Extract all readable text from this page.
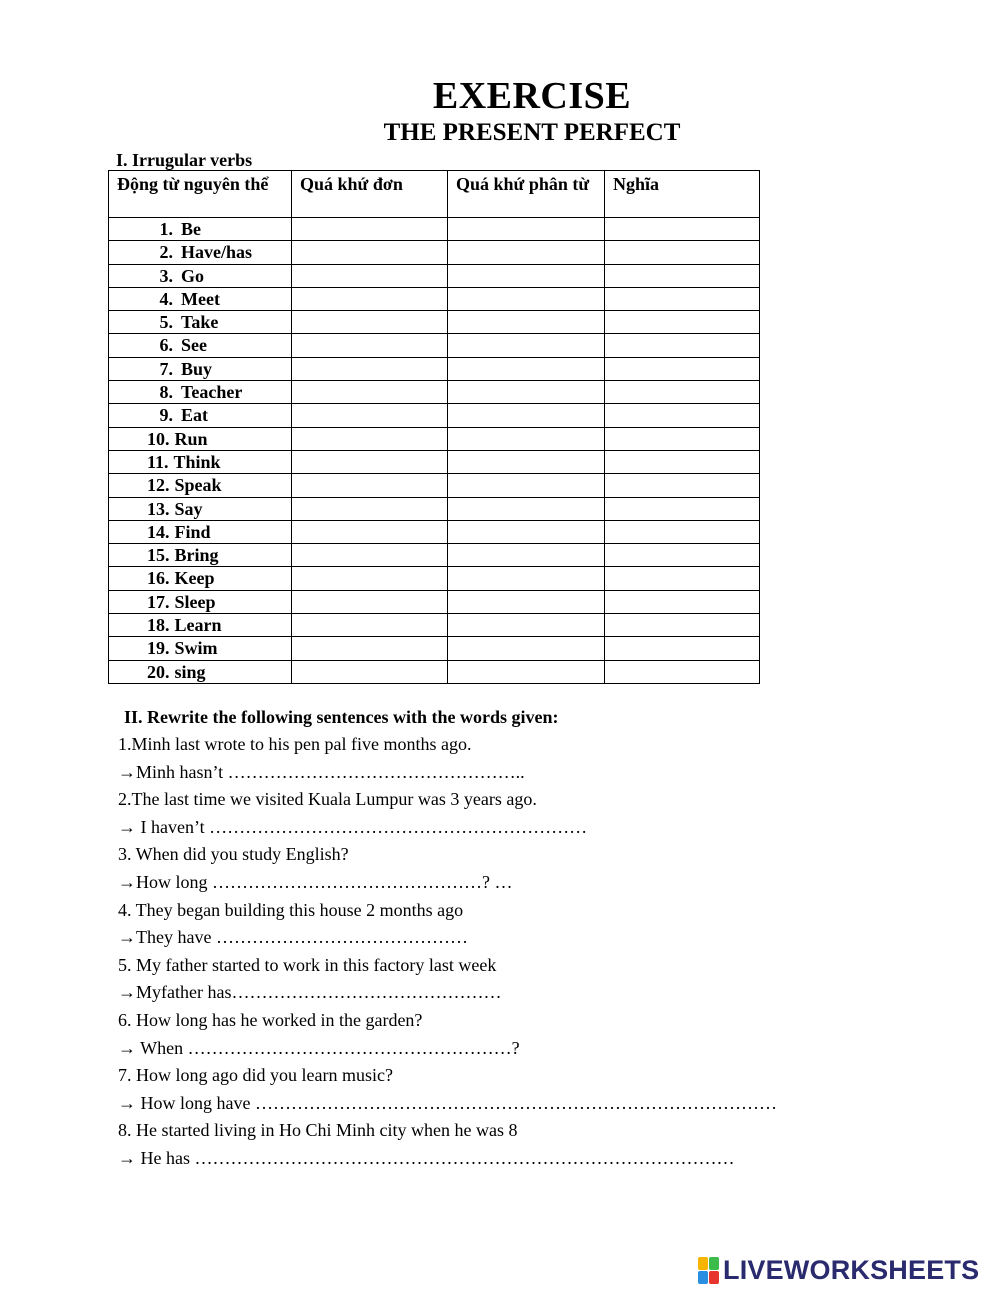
EXERCISE
THE PRESENT PERFECT
I. Irrugular verbs
Động từ nguyên thể	Quá khứ đơn	Quá khứ phân từ	Nghĩa
1. Be			
2. Have/has			
3. Go			
4. Meet			
5. Take			
6. See			
7. Buy			
8. Teacher			
9. Eat			
10. Run			
11. Think			
12. Speak			
13. Say			
14. Find			
15. Bring			
16. Keep			
17. Sleep			
18. Learn			
19. Swim			
20. sing			
II. Rewrite the following sentences with the words given:
1.Minh last wrote to his pen pal five months ago.
→Minh hasn’t …………………………………………..
2.The last time we visited Kuala Lumpur was 3 years ago.
→ I haven’t ………………………………………………………
3. When did you study English?
→How long ………………………………………? …
4. They began building this house 2 months ago
→They have ……………………………………
5. My father started to work in this factory last week
→Myfather has………………………………………
6. How long has he worked in the garden?
→ When ………………………………………………?
7. How long ago did you learn music?
→ How long have ……………………………………………………………………………
8. He started living in Ho Chi Minh city when he was 8
→ He has ………………………………………………………………………………
LIVEWORKSHEETS
